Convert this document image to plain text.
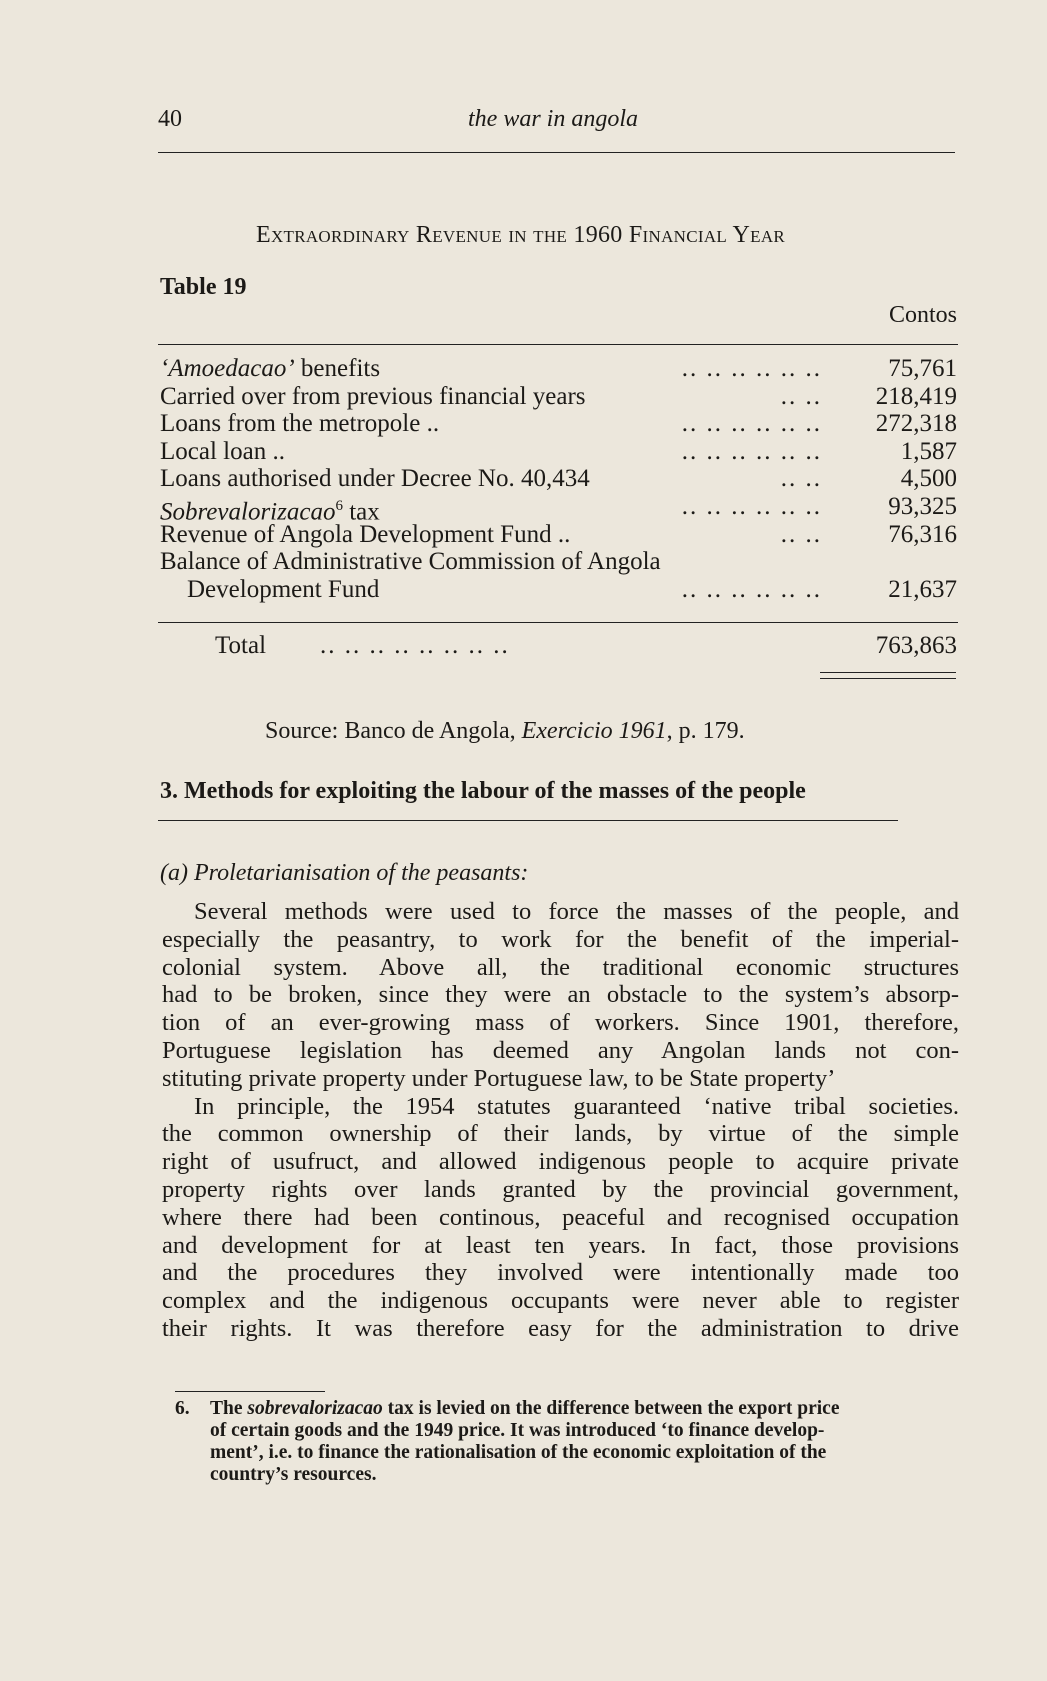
40	the war in angola
Extraordinary Revenue in the 1960 Financial Year
Table 19
Contos
‘Amoedacao’ benefits	.. .. .. .. .. ..	75,761
Carried over from previous financial years	.. .. 218,419
Loans from the metropole ..	.. .. .. .. .. .. 272,318
Local loan ..	.. .. .. .. .. ..	1,587
Loans authorised under Decree No. 40,434	.. ..	4,500
Sobrevalorizacao$^6$ tax	.. .. .. .. .. ..	93,325
Revenue of Angola Development Fund ..	.. ..	76,316
Balance of Administrative Commission of Angola
Development Fund	.. .. .. .. .. ..	21,637
Total .. .. .. .. .. .. .. ..	763,863
Source: Banco de Angola, Exercicio 1961, p. 179.
3. Methods for exploiting the labour of the masses of the people
(a) Proletarianisation of the peasants:
Several methods were used to force the masses of the people, and
especially the peasantry, to work for the benefit of the imperial-
colonial system. Above all, the traditional economic structures
had to be broken, since they were an obstacle to the system’s absorp-
tion of an ever-growing mass of workers. Since 1901, therefore,
Portuguese legislation has deemed any Angolan lands not con-
stituting private property under Portuguese law, to be State property’
In principle, the 1954 statutes guaranteed ‘native tribal societies.
the common ownership of their lands, by virtue of the simple
right of usufruct, and allowed indigenous people to acquire private
property rights over lands granted by the provincial government,
where there had been continous, peaceful and recognised occupation
and development for at least ten years. In fact, those provisions
and the procedures they involved were intentionally made too
complex and the indigenous occupants were never able to register
their rights. It was therefore easy for the administration to drive
6. The sobrevalorizacao tax is levied on the difference between the export price
of certain goods and the 1949 price. It was introduced ‘to finance develop-
ment’, i.e. to finance the rationalisation of the economic exploitation of the
country’s resources.
